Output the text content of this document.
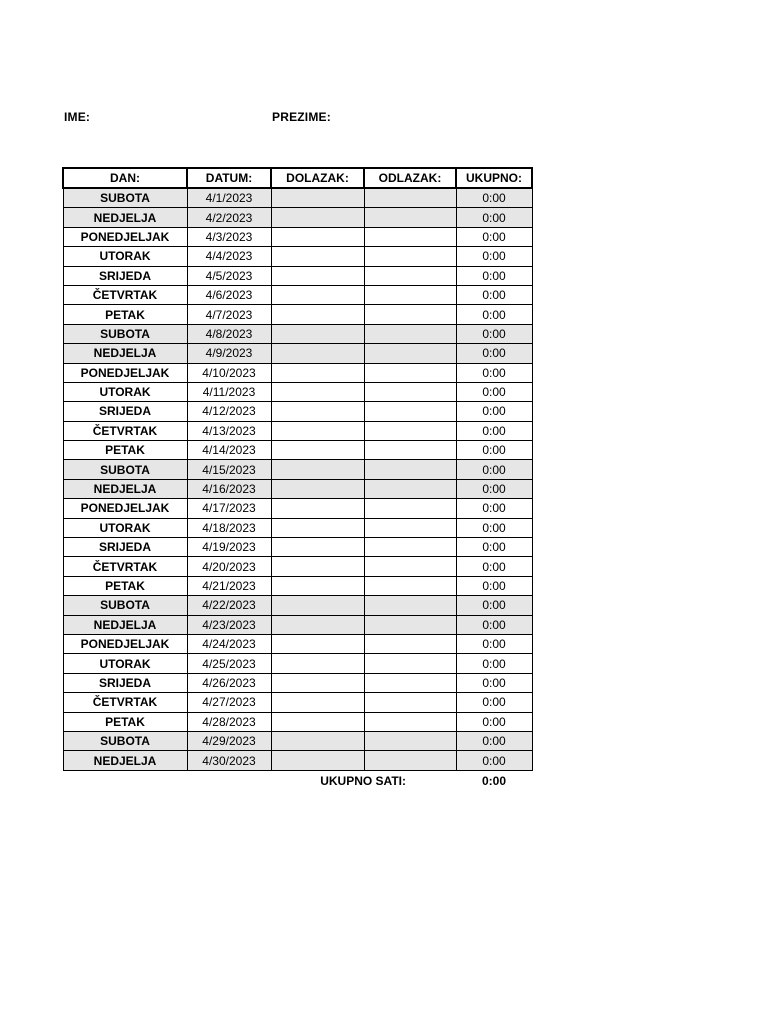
IME:	PREZIME:
DAN:	DATUM:	DOLAZAK:	ODLAZAK:	UKUPNO:
SUBOTA	4/1/2023			0:00
NEDJELJA	4/2/2023			0:00
PONEDJELJAK	4/3/2023			0:00
UTORAK	4/4/2023			0:00
SRIJEDA	4/5/2023			0:00
ČETVRTAK	4/6/2023			0:00
PETAK	4/7/2023			0:00
SUBOTA	4/8/2023			0:00
NEDJELJA	4/9/2023			0:00
PONEDJELJAK	4/10/2023			0:00
UTORAK	4/11/2023			0:00
SRIJEDA	4/12/2023			0:00
ČETVRTAK	4/13/2023			0:00
PETAK	4/14/2023			0:00
SUBOTA	4/15/2023			0:00
NEDJELJA	4/16/2023			0:00
PONEDJELJAK	4/17/2023			0:00
UTORAK	4/18/2023			0:00
SRIJEDA	4/19/2023			0:00
ČETVRTAK	4/20/2023			0:00
PETAK	4/21/2023			0:00
SUBOTA	4/22/2023			0:00
NEDJELJA	4/23/2023			0:00
PONEDJELJAK	4/24/2023			0:00
UTORAK	4/25/2023			0:00
SRIJEDA	4/26/2023			0:00
ČETVRTAK	4/27/2023			0:00
PETAK	4/28/2023			0:00
SUBOTA	4/29/2023			0:00
NEDJELJA	4/30/2023			0:00
UKUPNO SATI:				0:00
